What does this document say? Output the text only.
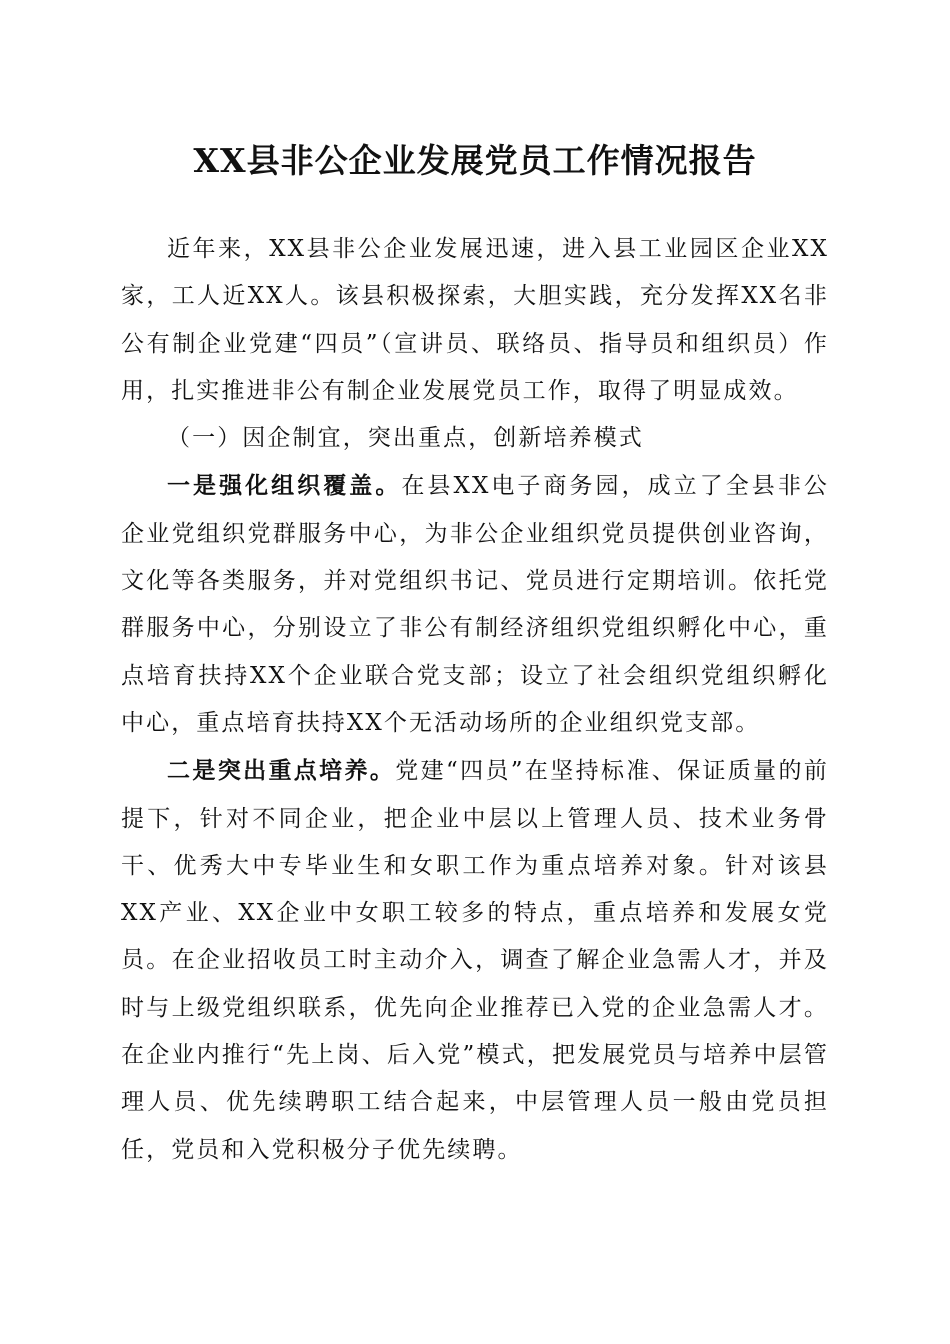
XX县非公企业发展党员工作情况报告

近年来，XX县非公企业发展迅速，进入县工业园区企业XX家，工人近XX人。该县积极探索，大胆实践，充分发挥XX名非公有制企业党建“四员”（宣讲员、联络员、指导员和组织员）作用，扎实推进非公有制企业发展党员工作，取得了明显成效。

（一）因企制宜，突出重点，创新培养模式

一是强化组织覆盖。在县XX电子商务园，成立了全县非公企业党组织党群服务中心，为非公企业组织党员提供创业咨询，文化等各类服务，并对党组织书记、党员进行定期培训。依托党群服务中心，分别设立了非公有制经济组织党组织孵化中心，重点培育扶持XX个企业联合党支部；设立了社会组织党组织孵化中心，重点培育扶持XX个无活动场所的企业组织党支部。

二是突出重点培养。党建“四员”在坚持标准、保证质量的前提下，针对不同企业，把企业中层以上管理人员、技术业务骨干、优秀大中专毕业生和女职工作为重点培养对象。针对该县XX产业、XX企业中女职工较多的特点，重点培养和发展女党员。在企业招收员工时主动介入，调查了解企业急需人才，并及时与上级党组织联系，优先向企业推荐已入党的企业急需人才。在企业内推行“先上岗、后入党”模式，把发展党员与培养中层管理人员、优先续聘职工结合起来，中层管理人员一般由党员担任，党员和入党积极分子优先续聘。
